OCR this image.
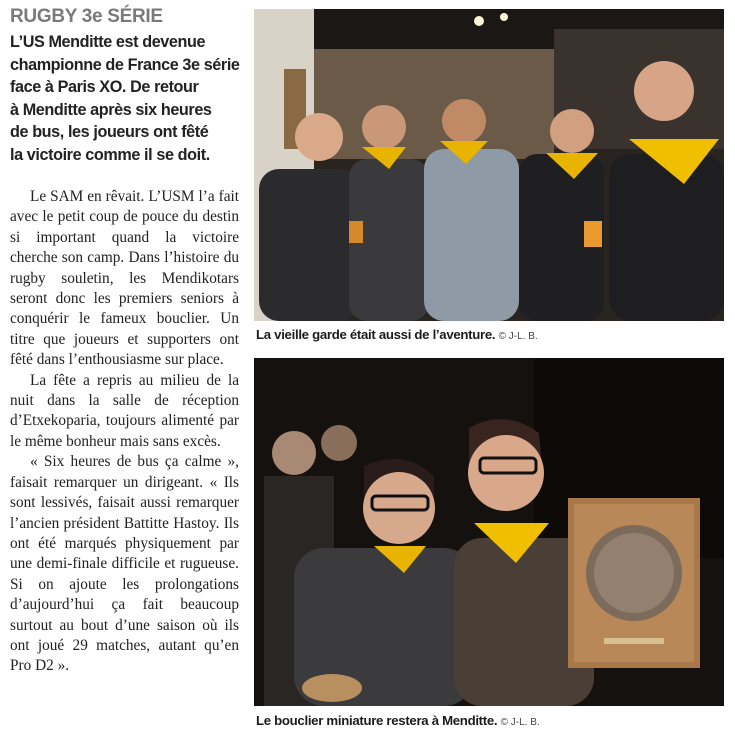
RUGBY 3e SÉRIE
L’US Menditte est devenue
championne de France 3e série
face à Paris XO. De retour
à Menditte après six heures
de bus, les joueurs ont fêté
la victoire comme il se doit.

Le SAM en rêvait. L’USM l’a fait avec le petit coup de pouce du destin si important quand la victoire cherche son camp. Dans l’histoire du rugby souletin, les Mendikotars seront donc les premiers seniors à conquérir le fameux bouclier. Un titre que joueurs et supporters ont fêté dans l’enthousiasme sur place.

La fête a repris au milieu de la nuit dans la salle de réception d’Etxekoparia, toujours alimenté par le même bonheur mais sans excès.

« Six heures de bus ça calme », faisait remarquer un dirigeant. « Ils sont lessivés, faisait aussi remarquer l’ancien président Battitte Hastoy. Ils ont été marqués physiquement par une demi-finale difficile et rugueuse. Si on ajoute les prolongations d’aujourd’hui ça fait beaucoup surtout au bout d’une saison où ils ont joué 29 matches, autant qu’en Pro D2 ».

La vieille garde était aussi de l’aventure. © J-L. B.
Le bouclier miniature restera à Menditte. © J-L. B.
